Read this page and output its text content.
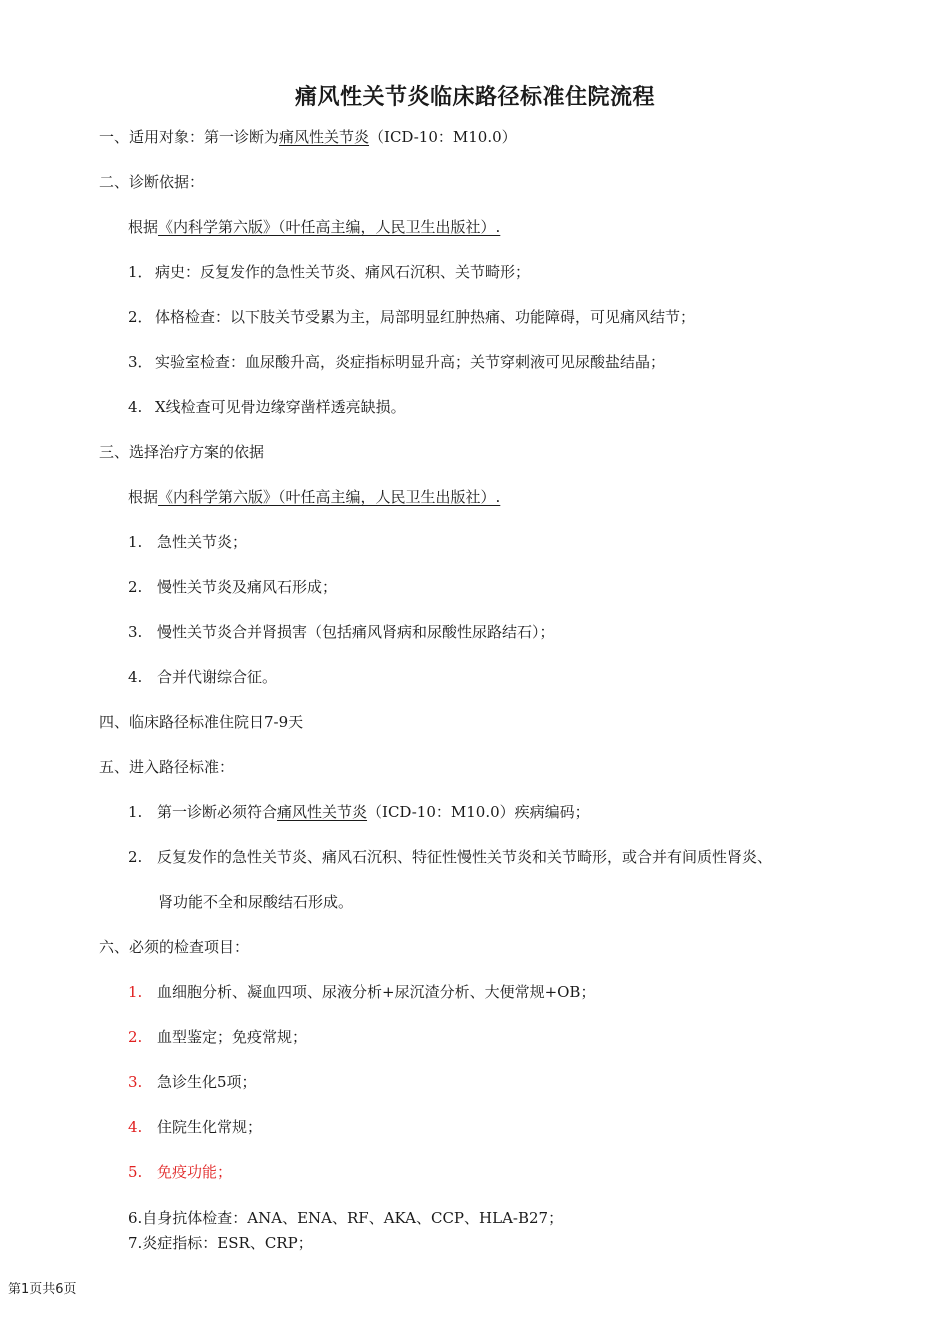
痛风性关节炎临床路径标准住院流程
一、适用对象：第一诊断为痛风性关节炎（ICD-10：M10.0）
二、诊断依据：
根据《内科学第六版》（叶任高主编，人民卫生出版社）.
1． 病史：反复发作的急性关节炎、痛风石沉积、关节畸形；
2． 体格检查：以下肢关节受累为主，局部明显红肿热痛、功能障碍，可见痛风结节；
3． 实验室检查：血尿酸升高，炎症指标明显升高；关节穿刺液可见尿酸盐结晶；
4. X线检查可见骨边缘穿凿样透亮缺损。
三、选择治疗方案的依据
根据《内科学第六版》（叶任高主编，人民卫生出版社）.
1. 急性关节炎；
2. 慢性关节炎及痛风石形成；
3. 慢性关节炎合并肾损害（包括痛风肾病和尿酸性尿路结石）；
4. 合并代谢综合征。
四、临床路径标准住院日7-9天
五、进入路径标准：
1. 第一诊断必须符合痛风性关节炎（ICD-10：M10.0）疾病编码；
2. 反复发作的急性关节炎、痛风石沉积、特征性慢性关节炎和关节畸形，或合并有间质性肾炎、
肾功能不全和尿酸结石形成。
六、必须的检查项目：
1. 血细胞分析、凝血四项、尿液分析+尿沉渣分析、大便常规+OB；
2. 血型鉴定；免疫常规；
3. 急诊生化5项；
4. 住院生化常规；
5. 免疫功能；
6.自身抗体检查：ANA、ENA、RF、AKA、CCP、HLA-B27；
7.炎症指标：ESR、CRP；
第1页共6页
